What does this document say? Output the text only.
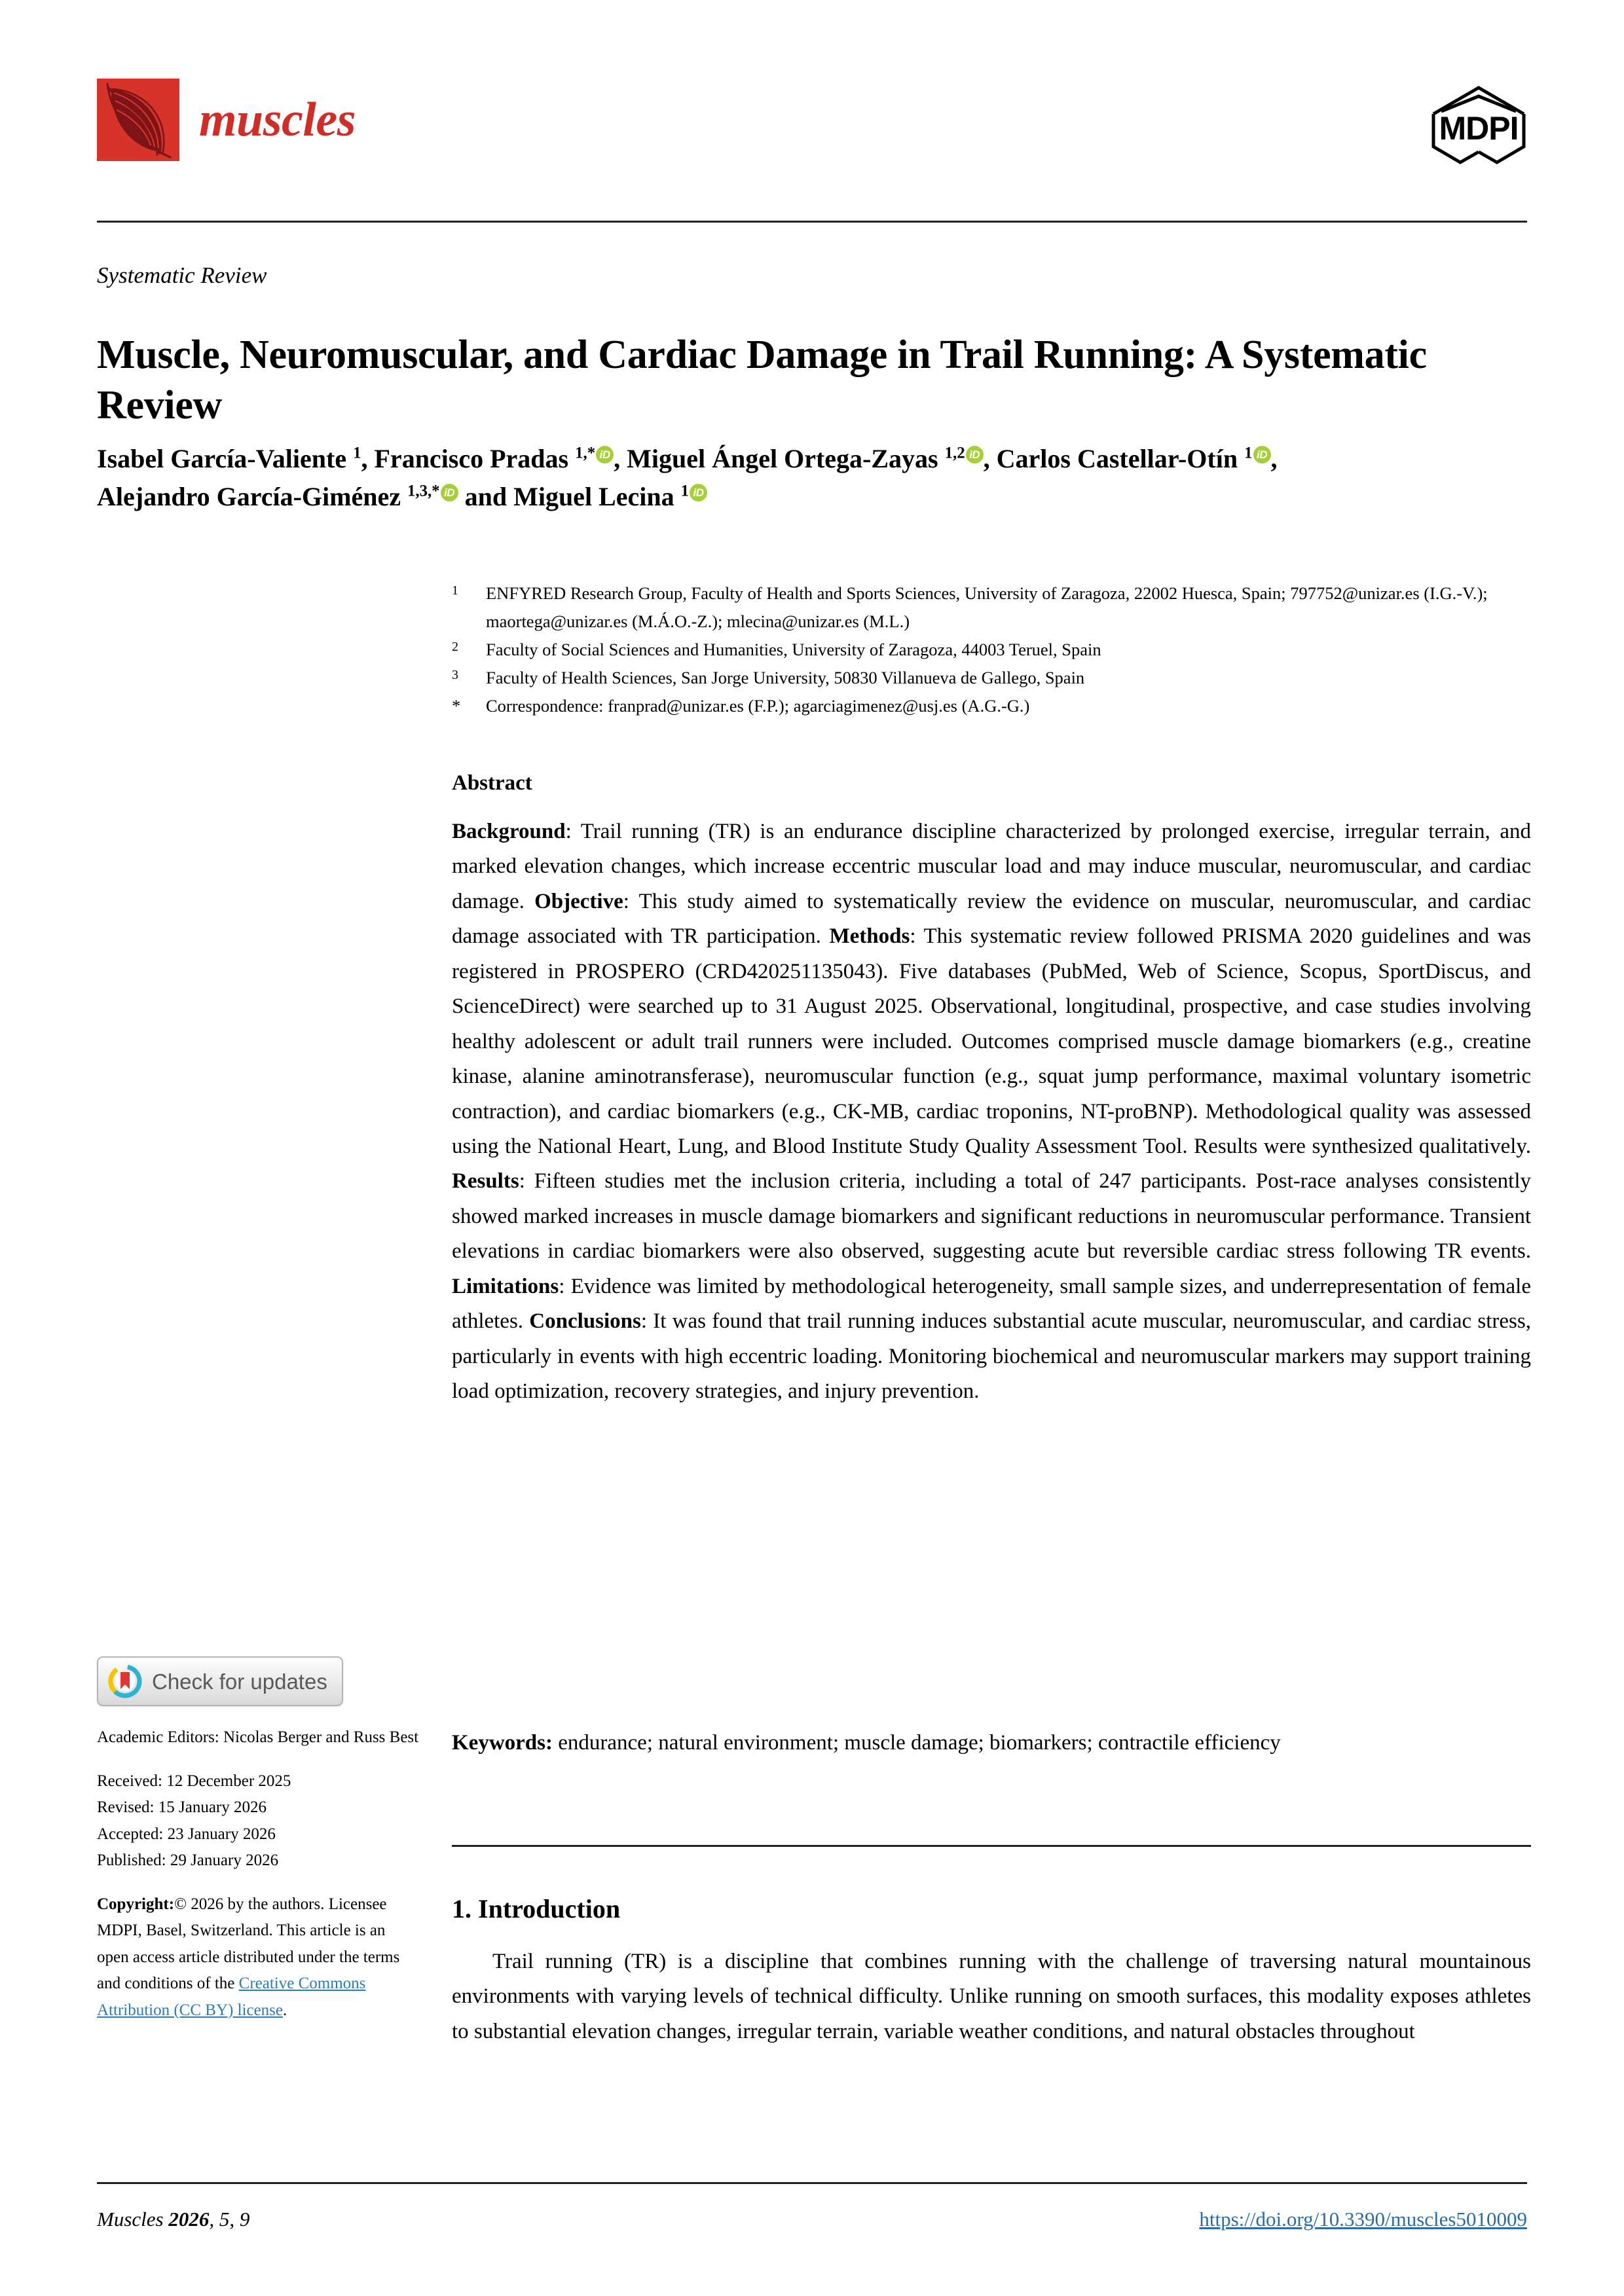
muscles	MDPI
Systematic Review
Muscle, Neuromuscular, and Cardiac Damage in Trail Running: A Systematic Review
Isabel García-Valiente $^1$, Francisco Pradas $^{1,*}$ iD , Miguel Ángel Ortega-Zayas $^{1,2}$ iD , Carlos Castellar-Otín $^1$ iD ,
Alejandro García-Giménez $^{1,3,*}$ iD and Miguel Lecina $^1$ iD
1	ENFYRED Research Group, Faculty of Health and Sports Sciences, University of Zaragoza, 22002 Huesca, Spain; 797752@unizar.es (I.G.-V.); maortega@unizar.es (M.Á.O.-Z.); mlecina@unizar.es (M.L.)
2	Faculty of Social Sciences and Humanities, University of Zaragoza, 44003 Teruel, Spain
3	Faculty of Health Sciences, San Jorge University, 50830 Villanueva de Gallego, Spain
*	Correspondence: franprad@unizar.es (F.P.); agarciagimenez@usj.es (A.G.-G.)
Abstract
Background: Trail running (TR) is an endurance discipline characterized by prolonged exercise, irregular terrain, and marked elevation changes, which increase eccentric muscular load and may induce muscular, neuromuscular, and cardiac damage. Objective: This study aimed to systematically review the evidence on muscular, neuromuscular, and cardiac damage associated with TR participation. Methods: This systematic review followed PRISMA 2020 guidelines and was registered in PROSPERO (CRD420251135043). Five databases (PubMed, Web of Science, Scopus, SportDiscus, and ScienceDirect) were searched up to 31 August 2025. Observational, longitudinal, prospective, and case studies involving healthy adolescent or adult trail runners were included. Outcomes comprised muscle damage biomarkers (e.g., creatine kinase, alanine aminotransferase), neuromuscular function (e.g., squat jump performance, maximal voluntary isometric contraction), and cardiac biomarkers (e.g., CK-MB, cardiac troponins, NT-proBNP). Methodological quality was assessed using the National Heart, Lung, and Blood Institute Study Quality Assessment Tool. Results were synthesized qualitatively. Results: Fifteen studies met the inclusion criteria, including a total of 247 participants. Post-race analyses consistently showed marked increases in muscle damage biomarkers and significant reductions in neuromuscular performance. Transient elevations in cardiac biomarkers were also observed, suggesting acute but reversible cardiac stress following TR events. Limitations: Evidence was limited by methodological heterogeneity, small sample sizes, and underrepresentation of female athletes. Conclusions: It was found that trail running induces substantial acute muscular, neuromuscular, and cardiac stress, particularly in events with high eccentric loading. Monitoring biochemical and neuromuscular markers may support training load optimization, recovery strategies, and injury prevention.
Keywords: endurance; natural environment; muscle damage; biomarkers; contractile efficiency
1. Introduction
Trail running (TR) is a discipline that combines running with the challenge of traversing natural mountainous environments with varying levels of technical difficulty. Unlike running on smooth surfaces, this modality exposes athletes to substantial elevation changes, irregular terrain, variable weather conditions, and natural obstacles throughout
Check for updates
Academic Editors: Nicolas Berger and Russ Best
Received: 12 December 2025
Revised: 15 January 2026
Accepted: 23 January 2026
Published: 29 January 2026
Copyright:© 2026 by the authors. Licensee MDPI, Basel, Switzerland. This article is an open access article distributed under the terms and conditions of the Creative Commons Attribution (CC BY) license.
Muscles 2026, 5, 9	https://doi.org/10.3390/muscles5010009
